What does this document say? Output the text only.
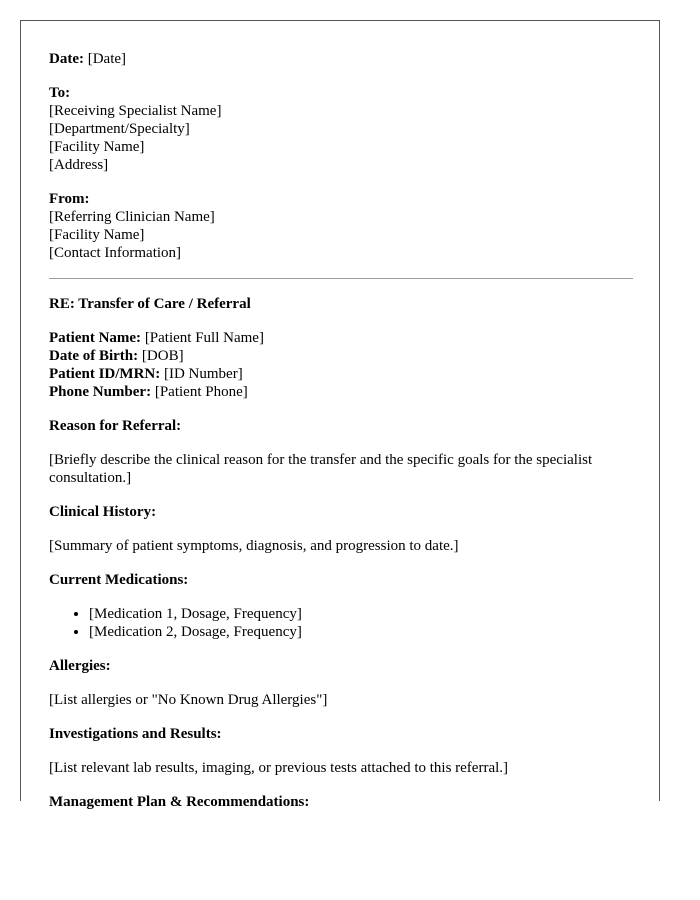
Date: [Date]
To:
[Receiving Specialist Name]
[Department/Specialty]
[Facility Name]
[Address]
From:
[Referring Clinician Name]
[Facility Name]
[Contact Information]
RE: Transfer of Care / Referral
Patient Name: [Patient Full Name]
Date of Birth: [DOB]
Patient ID/MRN: [ID Number]
Phone Number: [Patient Phone]
Reason for Referral:
[Briefly describe the clinical reason for the transfer and the specific goals for the specialist consultation.]
Clinical History:
[Summary of patient symptoms, diagnosis, and progression to date.]
Current Medications:
• [Medication 1, Dosage, Frequency]
• [Medication 2, Dosage, Frequency]
Allergies:
[List allergies or "No Known Drug Allergies"]
Investigations and Results:
[List relevant lab results, imaging, or previous tests attached to this referral.]
Management Plan & Recommendations:
